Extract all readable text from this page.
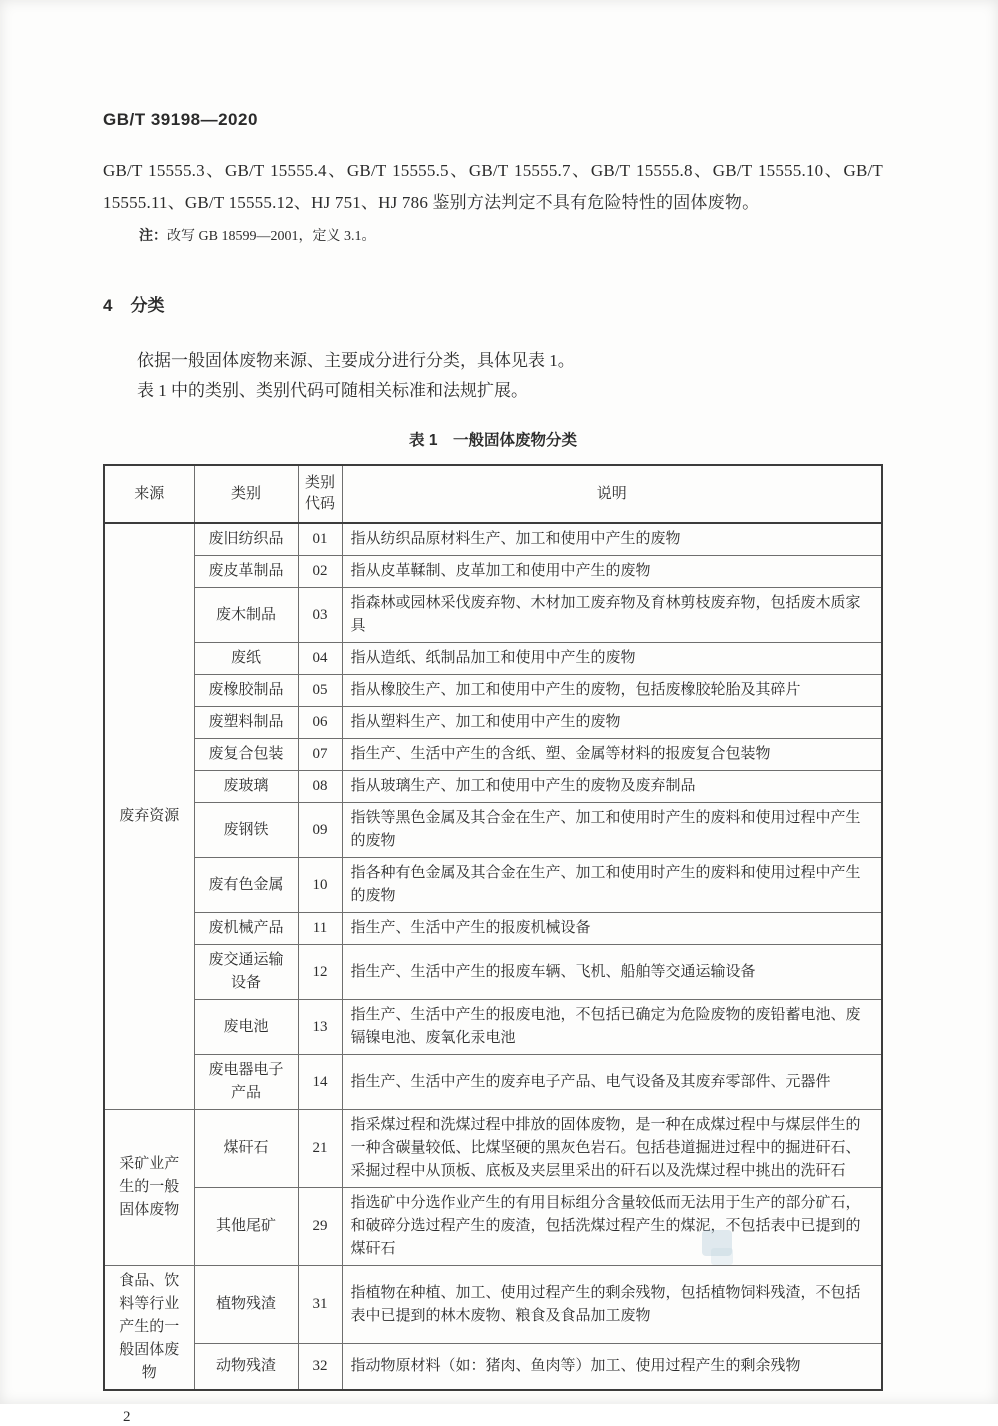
GB/T 39198—2020
GB/T 15555.3、GB/T 15555.4、GB/T 15555.5、GB/T 15555.7、GB/T 15555.8、GB/T 15555.10、GB/T 15555.11、GB/T 15555.12、HJ 751、HJ 786 鉴别方法判定不具有危险特性的固体废物。
注：改写 GB 18599—2001，定义 3.1。
4 分类

依据一般固体废物来源、主要成分进行分类，具体见表 1。

表 1 中的类别、类别代码可随相关标准和法规扩展。

表 1　一般固体废物分类
来源	类别	类别代码	说明
废弃资源	废旧纺织品	01	指从纺织品原材料生产、加工和使用中产生的废物
	废皮革制品	02	指从皮革鞣制、皮革加工和使用中产生的废物
	废木制品	03	指森林或园林采伐废弃物、木材加工废弃物及育林剪枝废弃物，包括废木质家具
	废纸	04	指从造纸、纸制品加工和使用中产生的废物
	废橡胶制品	05	指从橡胶生产、加工和使用中产生的废物，包括废橡胶轮胎及其碎片
	废塑料制品	06	指从塑料生产、加工和使用中产生的废物
	废复合包装	07	指生产、生活中产生的含纸、塑、金属等材料的报废复合包装物
	废玻璃	08	指从玻璃生产、加工和使用中产生的废物及废弃制品
	废钢铁	09	指铁等黑色金属及其合金在生产、加工和使用时产生的废料和使用过程中产生的废物
	废有色金属	10	指各种有色金属及其合金在生产、加工和使用时产生的废料和使用过程中产生的废物
	废机械产品	11	指生产、生活中产生的报废机械设备
	废交通运输设备	12	指生产、生活中产生的报废车辆、飞机、船舶等交通运输设备
	废电池	13	指生产、生活中产生的报废电池，不包括已确定为危险废物的废铅蓄电池、废镉镍电池、废氧化汞电池
	废电器电子产品	14	指生产、生活中产生的废弃电子产品、电气设备及其废弃零部件、元器件
采矿业产生的一般固体废物	煤矸石	21	指采煤过程和洗煤过程中排放的固体废物，是一种在成煤过程中与煤层伴生的一种含碳量较低、比煤坚硬的黑灰色岩石。包括巷道掘进过程中的掘进矸石、采掘过程中从顶板、底板及夹层里采出的矸石以及洗煤过程中挑出的洗矸石
	其他尾矿	29	指选矿中分选作业产生的有用目标组分含量较低而无法用于生产的部分矿石，和破碎分选过程产生的废渣，包括洗煤过程产生的煤泥，不包括表中已提到的煤矸石
食品、饮料等行业产生的一般固体废物	植物残渣	31	指植物在种植、加工、使用过程产生的剩余残物，包括植物饲料残渣，不包括表中已提到的林木废物、粮食及食品加工废物
	动物残渣	32	指动物原材料（如：猪肉、鱼肉等）加工、使用过程产生的剩余残物
2
